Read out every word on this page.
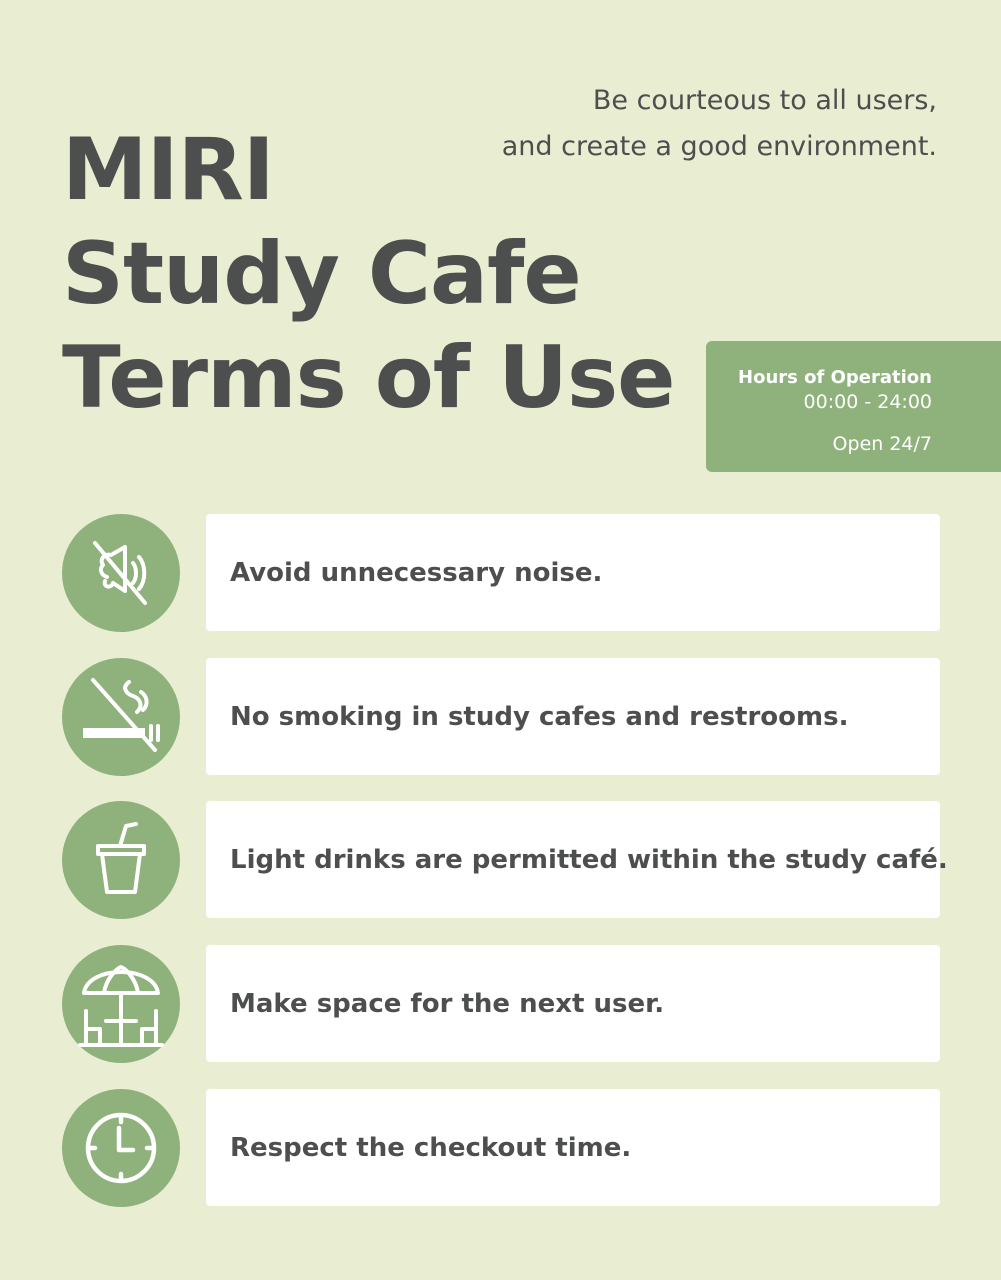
Be courteous to all users,
and create a good environment.
MIRI
Study Cafe
Terms of Use	Hours of Operation
00:00 - 24:00
Open 24/7
Avoid unnecessary noise.
No smoking in study cafes and restrooms.
Light drinks are permitted within the study café.
Make space for the next user.
Respect the checkout time.
